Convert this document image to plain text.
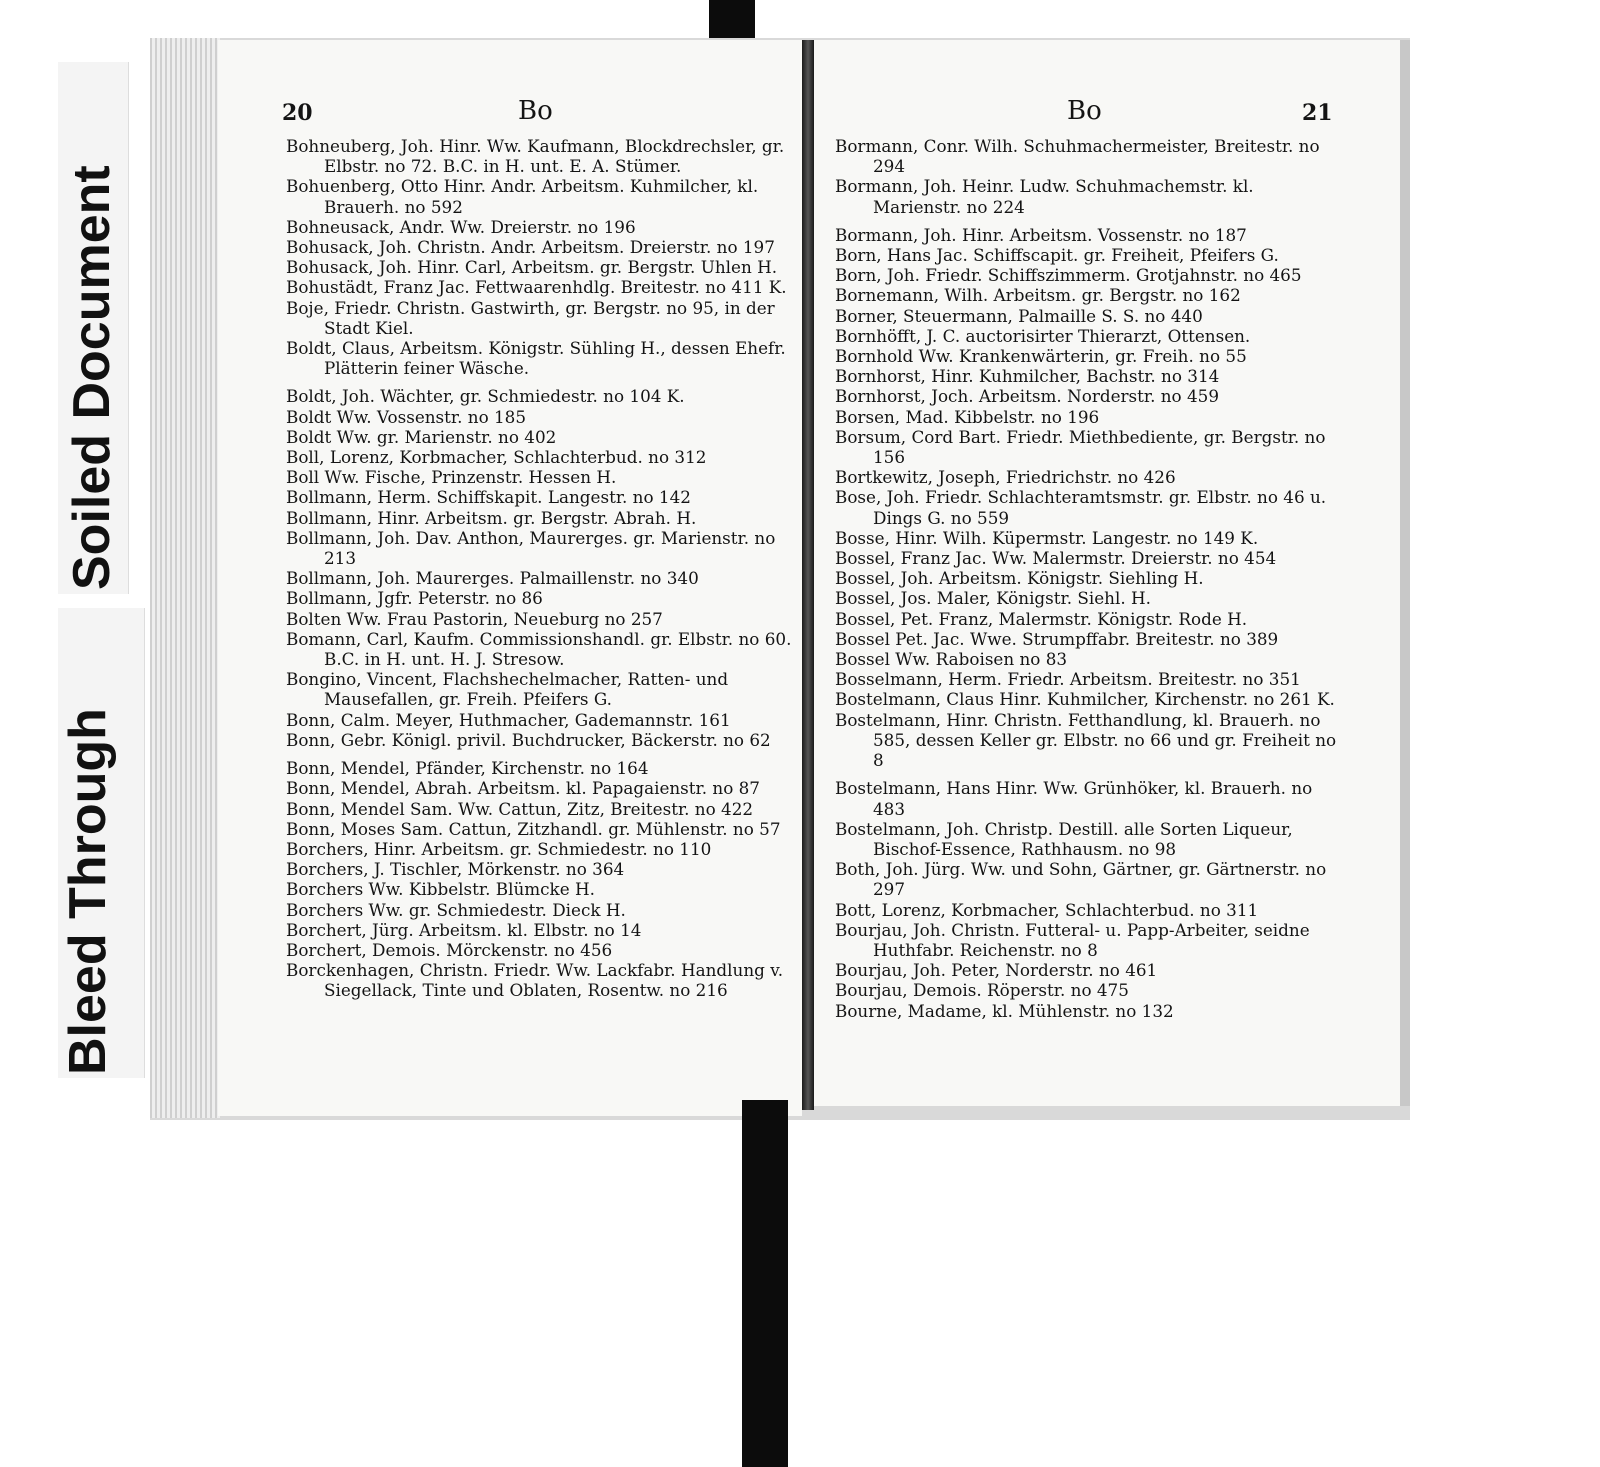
Soiled Document
Bleed Through
20	Bo	Bo	21
Bohneuberg, Joh. Hinr. Ww. Kaufmann, Blockdrechsler, gr. Elbstr. no 72. B.C. in H. unt. E. A. Stümer.
Bohuenberg, Otto Hinr. Andr. Arbeitsm. Kuhmilcher, kl. Brauerh. no 592
Bohneusack, Andr. Ww. Dreierstr. no 196
Bohusack, Joh. Christn. Andr. Arbeitsm. Dreierstr. no 197
Bohusack, Joh. Hinr. Carl, Arbeitsm. gr. Bergstr. Uhlen H.
Bohustädt, Franz Jac. Fettwaarenhdlg. Breitestr. no 411 K.
Boje, Friedr. Christn. Gastwirth, gr. Bergstr. no 95, in der Stadt Kiel.
Boldt, Claus, Arbeitsm. Königstr. Sühling H., dessen Ehefr. Plätterin feiner Wäsche.
Boldt, Joh. Wächter, gr. Schmiedestr. no 104 K.
Boldt Ww. Vossenstr. no 185
Boldt Ww. gr. Marienstr. no 402
Boll, Lorenz, Korbmacher, Schlachterbud. no 312
Boll Ww. Fische, Prinzenstr. Hessen H.
Bollmann, Herm. Schiffskapit. Langestr. no 142
Bollmann, Hinr. Arbeitsm. gr. Bergstr. Abrah. H.
Bollmann, Joh. Dav. Anthon, Maurerges. gr. Marienstr. no 213
Bollmann, Joh. Maurerges. Palmaillenstr. no 340
Bollmann, Jgfr. Peterstr. no 86
Bolten Ww. Frau Pastorin, Neueburg no 257
Bomann, Carl, Kaufm. Commissionshandl. gr. Elbstr. no 60. B.C. in H. unt. H. J. Stresow.
Bongino, Vincent, Flachshechelmacher, Ratten- und Mausefallen, gr. Freih. Pfeifers G.
Bonn, Calm. Meyer, Huthmacher, Gademannstr. 161
Bonn, Gebr. Königl. privil. Buchdrucker, Bäckerstr. no 62
Bonn, Mendel, Pfänder, Kirchenstr. no 164
Bonn, Mendel, Abrah. Arbeitsm. kl. Papagaienstr. no 87
Bonn, Mendel Sam. Ww. Cattun, Zitz, Breitestr. no 422
Bonn, Moses Sam. Cattun, Zitzhandl. gr. Mühlenstr. no 57
Borchers, Hinr. Arbeitsm. gr. Schmiedestr. no 110
Borchers, J. Tischler, Mörkenstr. no 364
Borchers Ww. Kibbelstr. Blümcke H.
Borchers Ww. gr. Schmiedestr. Dieck H.
Borchert, Jürg. Arbeitsm. kl. Elbstr. no 14
Borchert, Demois. Mörckenstr. no 456
Borckenhagen, Christn. Friedr. Ww. Lackfabr. Handlung v. Siegellack, Tinte und Oblaten, Rosentw. no 216
Bormann, Conr. Wilh. Schuhmachermeister, Breitestr. no 294
Bormann, Joh. Heinr. Ludw. Schuhmachemstr. kl. Marienstr. no 224
Bormann, Joh. Hinr. Arbeitsm. Vossenstr. no 187
Born, Hans Jac. Schiffscapit. gr. Freiheit, Pfeifers G.
Born, Joh. Friedr. Schiffszimmerm. Grotjahnstr. no 465
Bornemann, Wilh. Arbeitsm. gr. Bergstr. no 162
Borner, Steuermann, Palmaille S. S. no 440
Bornhöfft, J. C. auctorisirter Thierarzt, Ottensen.
Bornhold Ww. Krankenwärterin, gr. Freih. no 55
Bornhorst, Hinr. Kuhmilcher, Bachstr. no 314
Bornhorst, Joch. Arbeitsm. Norderstr. no 459
Borsen, Mad. Kibbelstr. no 196
Borsum, Cord Bart. Friedr. Miethbediente, gr. Bergstr. no 156
Bortkewitz, Joseph, Friedrichstr. no 426
Bose, Joh. Friedr. Schlachteramtsmstr. gr. Elbstr. no 46 u. Dings G. no 559
Bosse, Hinr. Wilh. Küpermstr. Langestr. no 149 K.
Bossel, Franz Jac. Ww. Malermstr. Dreierstr. no 454
Bossel, Joh. Arbeitsm. Königstr. Siehling H.
Bossel, Jos. Maler, Königstr. Siehl. H.
Bossel, Pet. Franz, Malermstr. Königstr. Rode H.
Bossel Pet. Jac. Wwe. Strumpffabr. Breitestr. no 389
Bossel Ww. Raboisen no 83
Bosselmann, Herm. Friedr. Arbeitsm. Breitestr. no 351
Bostelmann, Claus Hinr. Kuhmilcher, Kirchenstr. no 261 K.
Bostelmann, Hinr. Christn. Fetthandlung, kl. Brauerh. no 585, dessen Keller gr. Elbstr. no 66 und gr. Freiheit no 8
Bostelmann, Hans Hinr. Ww. Grünhöker, kl. Brauerh. no 483
Bostelmann, Joh. Christp. Destill. alle Sorten Liqueur, Bischof-Essence, Rathhausm. no 98
Both, Joh. Jürg. Ww. und Sohn, Gärtner, gr. Gärtnerstr. no 297
Bott, Lorenz, Korbmacher, Schlachterbud. no 311
Bourjau, Joh. Christn. Futteral- u. Papp-Arbeiter, seidne Huthfabr. Reichenstr. no 8
Bourjau, Joh. Peter, Norderstr. no 461
Bourjau, Demois. Röperstr. no 475
Bourne, Madame, kl. Mühlenstr. no 132
